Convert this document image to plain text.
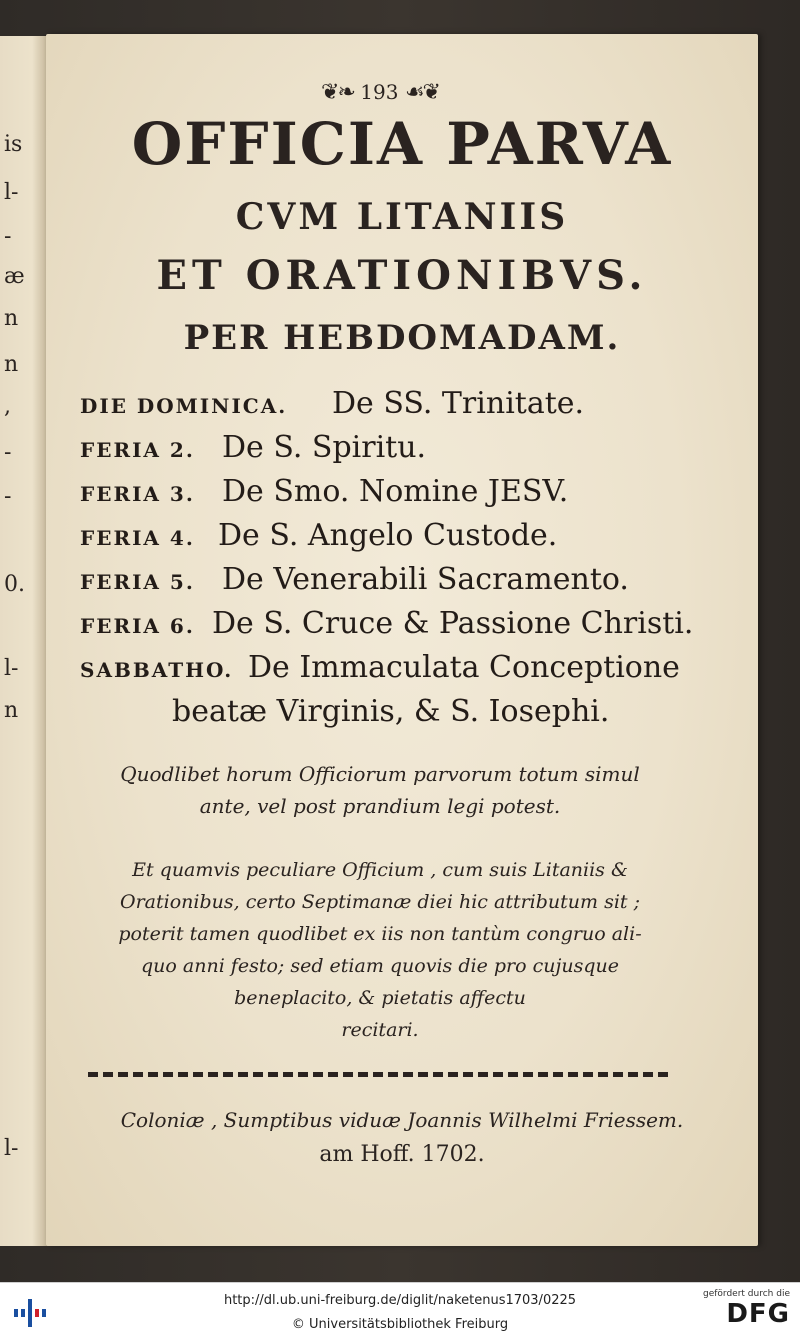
is
l-
-
æ
n
n
,
-
-
0.
l-
n
l-
❦❧ 193 ☙❦
OFFICIA PARVA
CVM LITANIIS
ET ORATIONIBVS.
PER HEBDOMADAM.
DIE DOMINICA. De SS. Trinitate.
FERIA 2. De S. Spiritu.
FERIA 3. De Smo. Nomine JESV.
FERIA 4. De S. Angelo Custode.
FERIA 5. De Venerabili Sacramento.
FERIA 6. De S. Cruce & Passione Christi.
SABBATHO. De Immaculata Conceptione
beatæ Virginis, & S. Iosephi.
Quodlibet horum Officiorum parvorum totum simul
ante, vel post prandium legi potest.
Et quamvis peculiare Officium , cum suis Litaniis &
Orationibus, certo Septimanæ diei hic attributum sit ;
poterit tamen quodlibet ex iis non tantùm congruo ali-
quo anni festo; sed etiam quovis die pro cujusque
beneplacito, & pietatis affectu
recitari.
Coloniæ , Sumptibus viduæ Joannis Wilhelmi Friessem.
am Hoff. 1702.
http://dl.ub.uni-freiburg.de/diglit/naketenus1703/0225
© Universitätsbibliothek Freiburg
gefördert durch die
DFG
